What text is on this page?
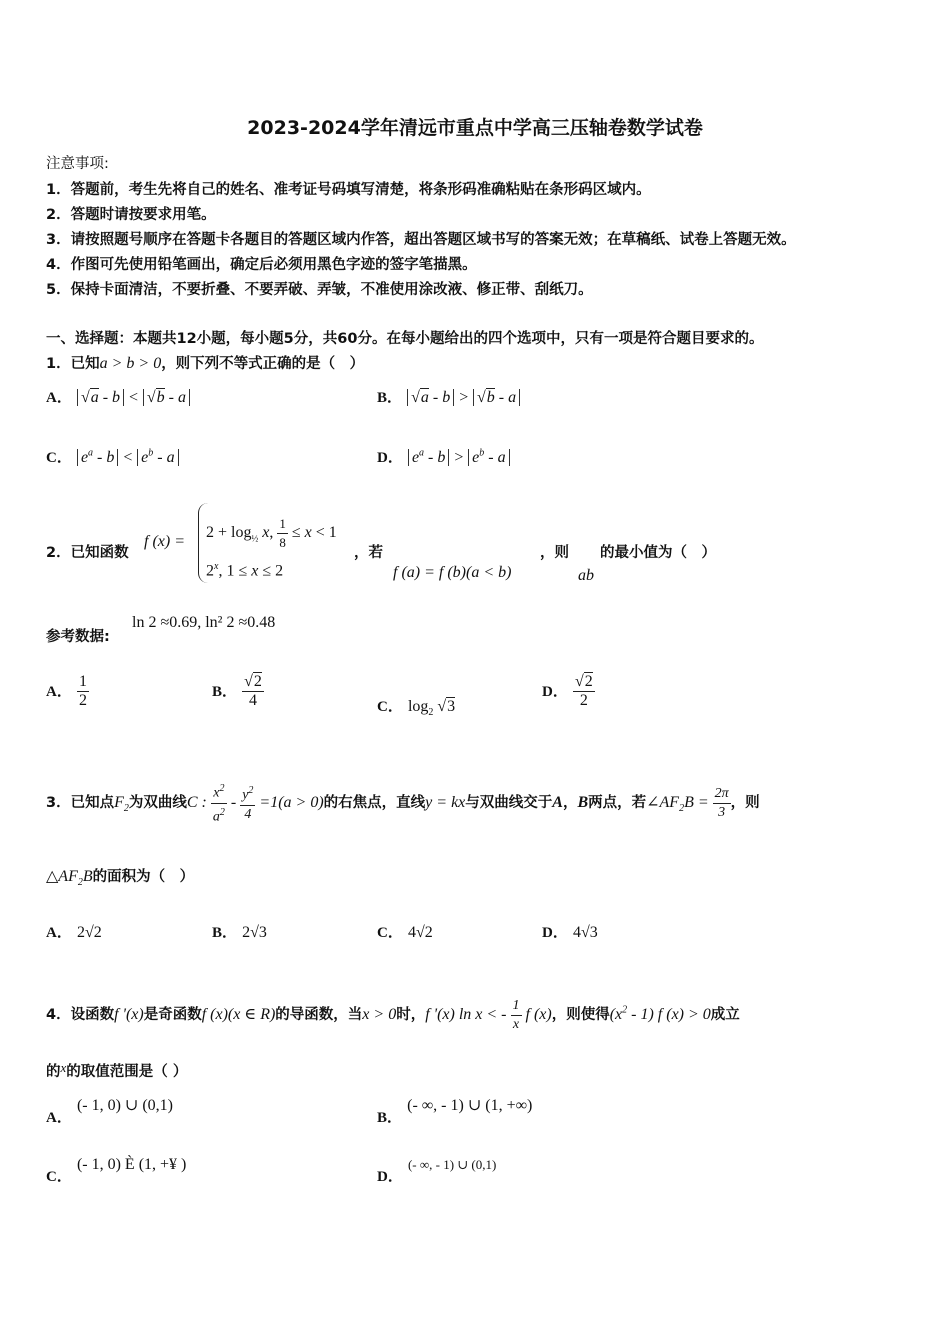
2023-2024学年清远市重点中学高三压轴卷数学试卷
注意事项:
1．答题前，考生先将自己的姓名、准考证号码填写清楚，将条形码准确粘贴在条形码区域内。
2．答题时请按要求用笔。
3．请按照题号顺序在答题卡各题目的答题区域内作答，超出答题区域书写的答案无效；在草稿纸、试卷上答题无效。
4．作图可先使用铅笔画出，确定后必须用黑色字迹的签字笔描黑。
5．保持卡面清洁，不要折叠、不要弄破、弄皱，不准使用涂改液、修正带、刮纸刀。
一、选择题：本题共12小题，每小题5分，共60分。在每小题给出的四个选项中，只有一项是符合题目要求的。
1．已知a > b > 0，则下列不等式正确的是（　）
A． √a - b < √b - a	B． √a - b > √b - a
C． $e^a - b < e^b - a$	D． $e^a - b > e^b - a$
2．已知函数
f (x) =
$2 + \log_{\frac{1}{2}} x$, $\frac{1}{8} \le x < 1$
2$^x$, 1 ≤ x ≤ 2
，若
f (a) = f (b)(a < b)
，则
ab
的最小值为（　）
参考数据:
ln 2 ≈0.69, ln² 2 ≈0.48
A． $\frac{1}{2}$	B． $\frac{√2}{4}$	C． $\log_2 √3$
D． $\frac{√2}{2}$
3．已知点$F_2$为双曲线C : $\frac{x^2}{a^2} - \frac{y^2}{4} =1(a > 0)$的右焦点，直线y = kx与双曲线交于A，B两点，若$\angle AF_2B = \frac{2\pi}{3}$ ，则
$\triangle AF_2B$的面积为（　）
A． 2√2	B． 2√3	C． 4√2	D． 4√3
4．设函数f '(x)是奇函数f (x)(x ∈ R)的导函数，当x > 0时，f '(x) ln x < - $\frac{1}{x}$ f (x)，则使得$(x^2 - 1)$ f (x) > 0成立
的x的取值范围是（ ）
A． (- 1, 0) ∪ (0,1)
B． (- ∞, - 1) ∪ (1, +∞)
C． (- 1, 0) È (1, +¥ )
D． (- ∞, - 1) ∪ (0,1)
